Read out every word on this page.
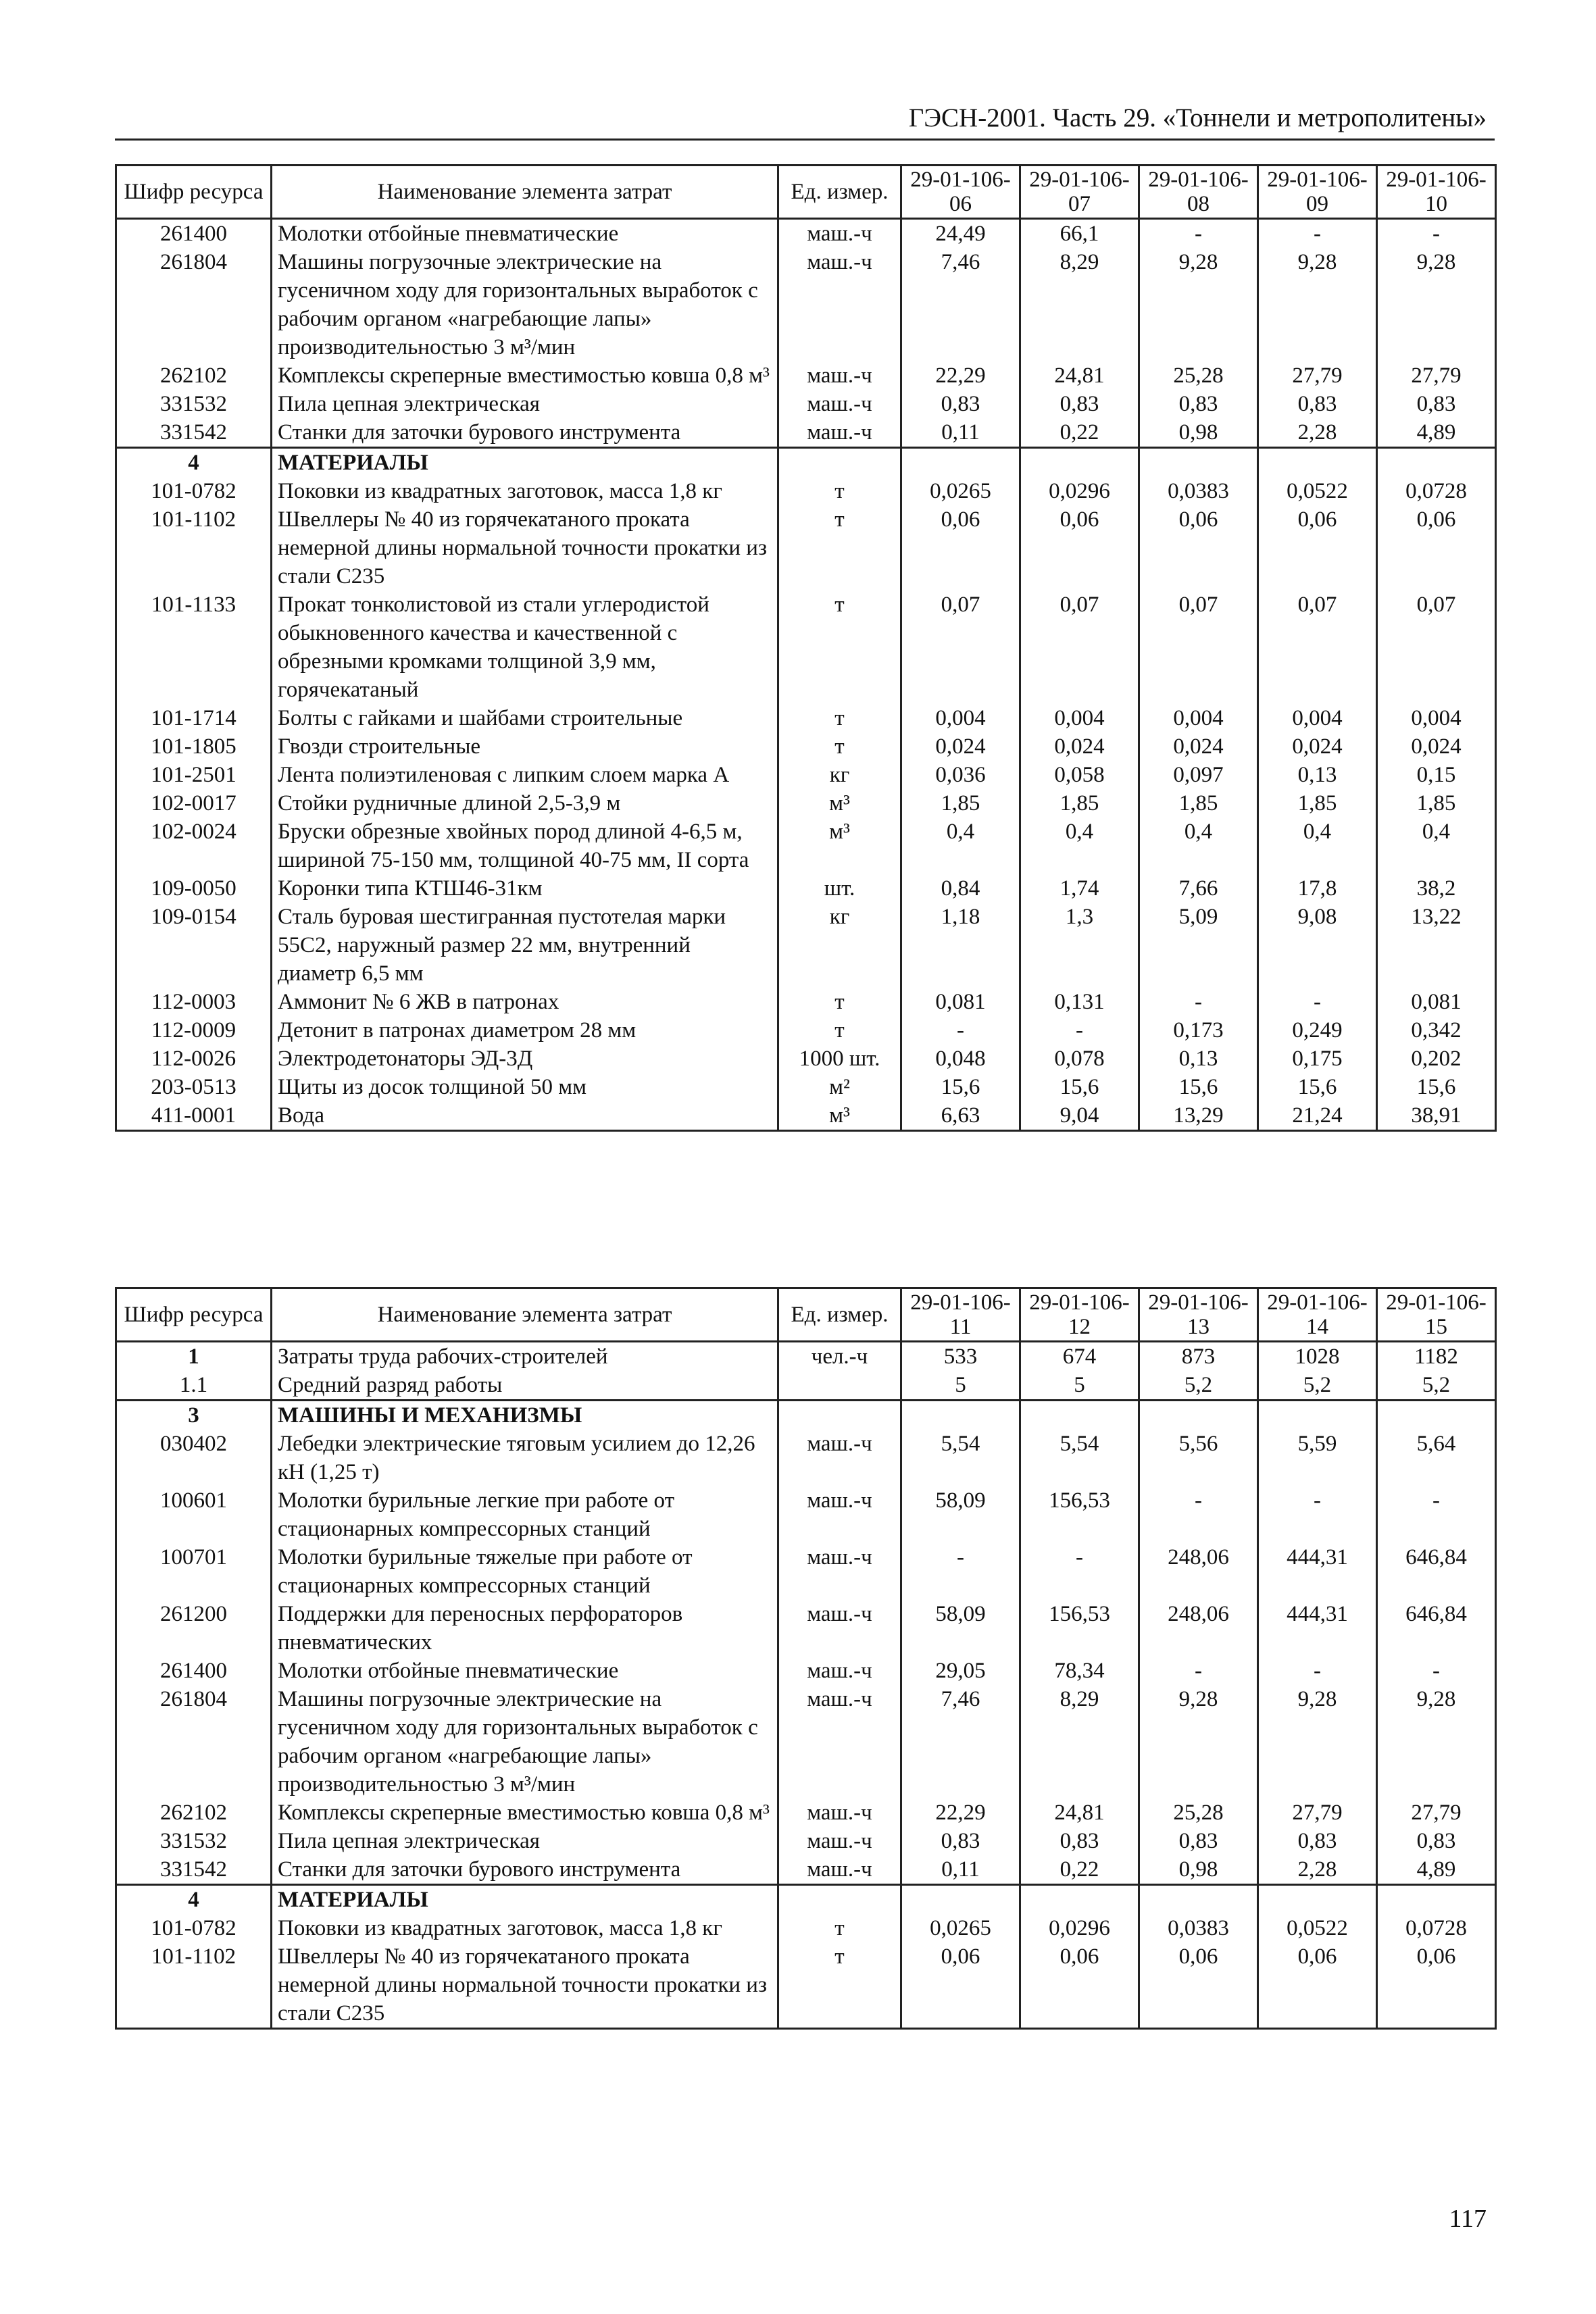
ГЭСН-2001. Часть 29. «Тоннели и метрополитены»
Шифр ресурса	Наименование элемента затрат	Ед. измер.	29-01-106-06	29-01-106-07	29-01-106-08	29-01-106-09	29-01-106-10
261400	Молотки отбойные пневматические	маш.-ч	24,49	66,1	-	-	-
261804	Машины погрузочные электрические на гусеничном ходу для горизонтальных выработок с рабочим органом «нагребающие лапы» производительностью 3 м³/мин	маш.-ч	7,46	8,29	9,28	9,28	9,28
262102	Комплексы скреперные вместимостью ковша 0,8 м³	маш.-ч	22,29	24,81	25,28	27,79	27,79
331532	Пила цепная электрическая	маш.-ч	0,83	0,83	0,83	0,83	0,83
331542	Станки для заточки бурового инструмента	маш.-ч	0,11	0,22	0,98	2,28	4,89
4	МАТЕРИАЛЫ						
101-0782	Поковки из квадратных заготовок, масса 1,8 кг	т	0,0265	0,0296	0,0383	0,0522	0,0728
101-1102	Швеллеры № 40 из горячекатаного проката немерной длины нормальной точности прокатки из стали С235	т	0,06	0,06	0,06	0,06	0,06
101-1133	Прокат тонколистовой из стали углеродистой обыкновенного качества и качественной с обрезными кромками толщиной 3,9 мм, горячекатаный	т	0,07	0,07	0,07	0,07	0,07
101-1714	Болты с гайками и шайбами строительные	т	0,004	0,004	0,004	0,004	0,004
101-1805	Гвозди строительные	т	0,024	0,024	0,024	0,024	0,024
101-2501	Лента полиэтиленовая с липким слоем марка А	кг	0,036	0,058	0,097	0,13	0,15
102-0017	Стойки рудничные длиной 2,5-3,9 м	м³	1,85	1,85	1,85	1,85	1,85
102-0024	Бруски обрезные хвойных пород длиной 4-6,5 м, шириной 75-150 мм, толщиной 40-75 мм, II сорта	м³	0,4	0,4	0,4	0,4	0,4
109-0050	Коронки типа КТШ46-31км	шт.	0,84	1,74	7,66	17,8	38,2
109-0154	Сталь буровая шестигранная пустотелая марки 55С2, наружный размер 22 мм, внутренний диаметр 6,5 мм	кг	1,18	1,3	5,09	9,08	13,22
112-0003	Аммонит № 6 ЖВ в патронах	т	0,081	0,131	-	-	0,081
112-0009	Детонит в патронах диаметром 28 мм	т	-	-	0,173	0,249	0,342
112-0026	Электродетонаторы ЭД-3Д	1000 шт.	0,048	0,078	0,13	0,175	0,202
203-0513	Щиты из досок толщиной 50 мм	м²	15,6	15,6	15,6	15,6	15,6
411-0001	Вода	м³	6,63	9,04	13,29	21,24	38,91
Шифр ресурса	Наименование элемента затрат	Ед. измер.	29-01-106-11	29-01-106-12	29-01-106-13	29-01-106-14	29-01-106-15
1	Затраты труда рабочих-строителей	чел.-ч	533	674	873	1028	1182
1.1	Средний разряд работы		5	5	5,2	5,2	5,2
3	МАШИНЫ И МЕХАНИЗМЫ						
030402	Лебедки электрические тяговым усилием до 12,26 кН (1,25 т)	маш.-ч	5,54	5,54	5,56	5,59	5,64
100601	Молотки бурильные легкие при работе от стационарных компрессорных станций	маш.-ч	58,09	156,53	-	-	-
100701	Молотки бурильные тяжелые при работе от стационарных компрессорных станций	маш.-ч	-	-	248,06	444,31	646,84
261200	Поддержки для переносных перфораторов пневматических	маш.-ч	58,09	156,53	248,06	444,31	646,84
261400	Молотки отбойные пневматические	маш.-ч	29,05	78,34	-	-	-
261804	Машины погрузочные электрические на гусеничном ходу для горизонтальных выработок с рабочим органом «нагребающие лапы» производительностью 3 м³/мин	маш.-ч	7,46	8,29	9,28	9,28	9,28
262102	Комплексы скреперные вместимостью ковша 0,8 м³	маш.-ч	22,29	24,81	25,28	27,79	27,79
331532	Пила цепная электрическая	маш.-ч	0,83	0,83	0,83	0,83	0,83
331542	Станки для заточки бурового инструмента	маш.-ч	0,11	0,22	0,98	2,28	4,89
4	МАТЕРИАЛЫ						
101-0782	Поковки из квадратных заготовок, масса 1,8 кг	т	0,0265	0,0296	0,0383	0,0522	0,0728
101-1102	Швеллеры № 40 из горячекатаного проката немерной длины нормальной точности прокатки из стали С235	т	0,06	0,06	0,06	0,06	0,06
117
